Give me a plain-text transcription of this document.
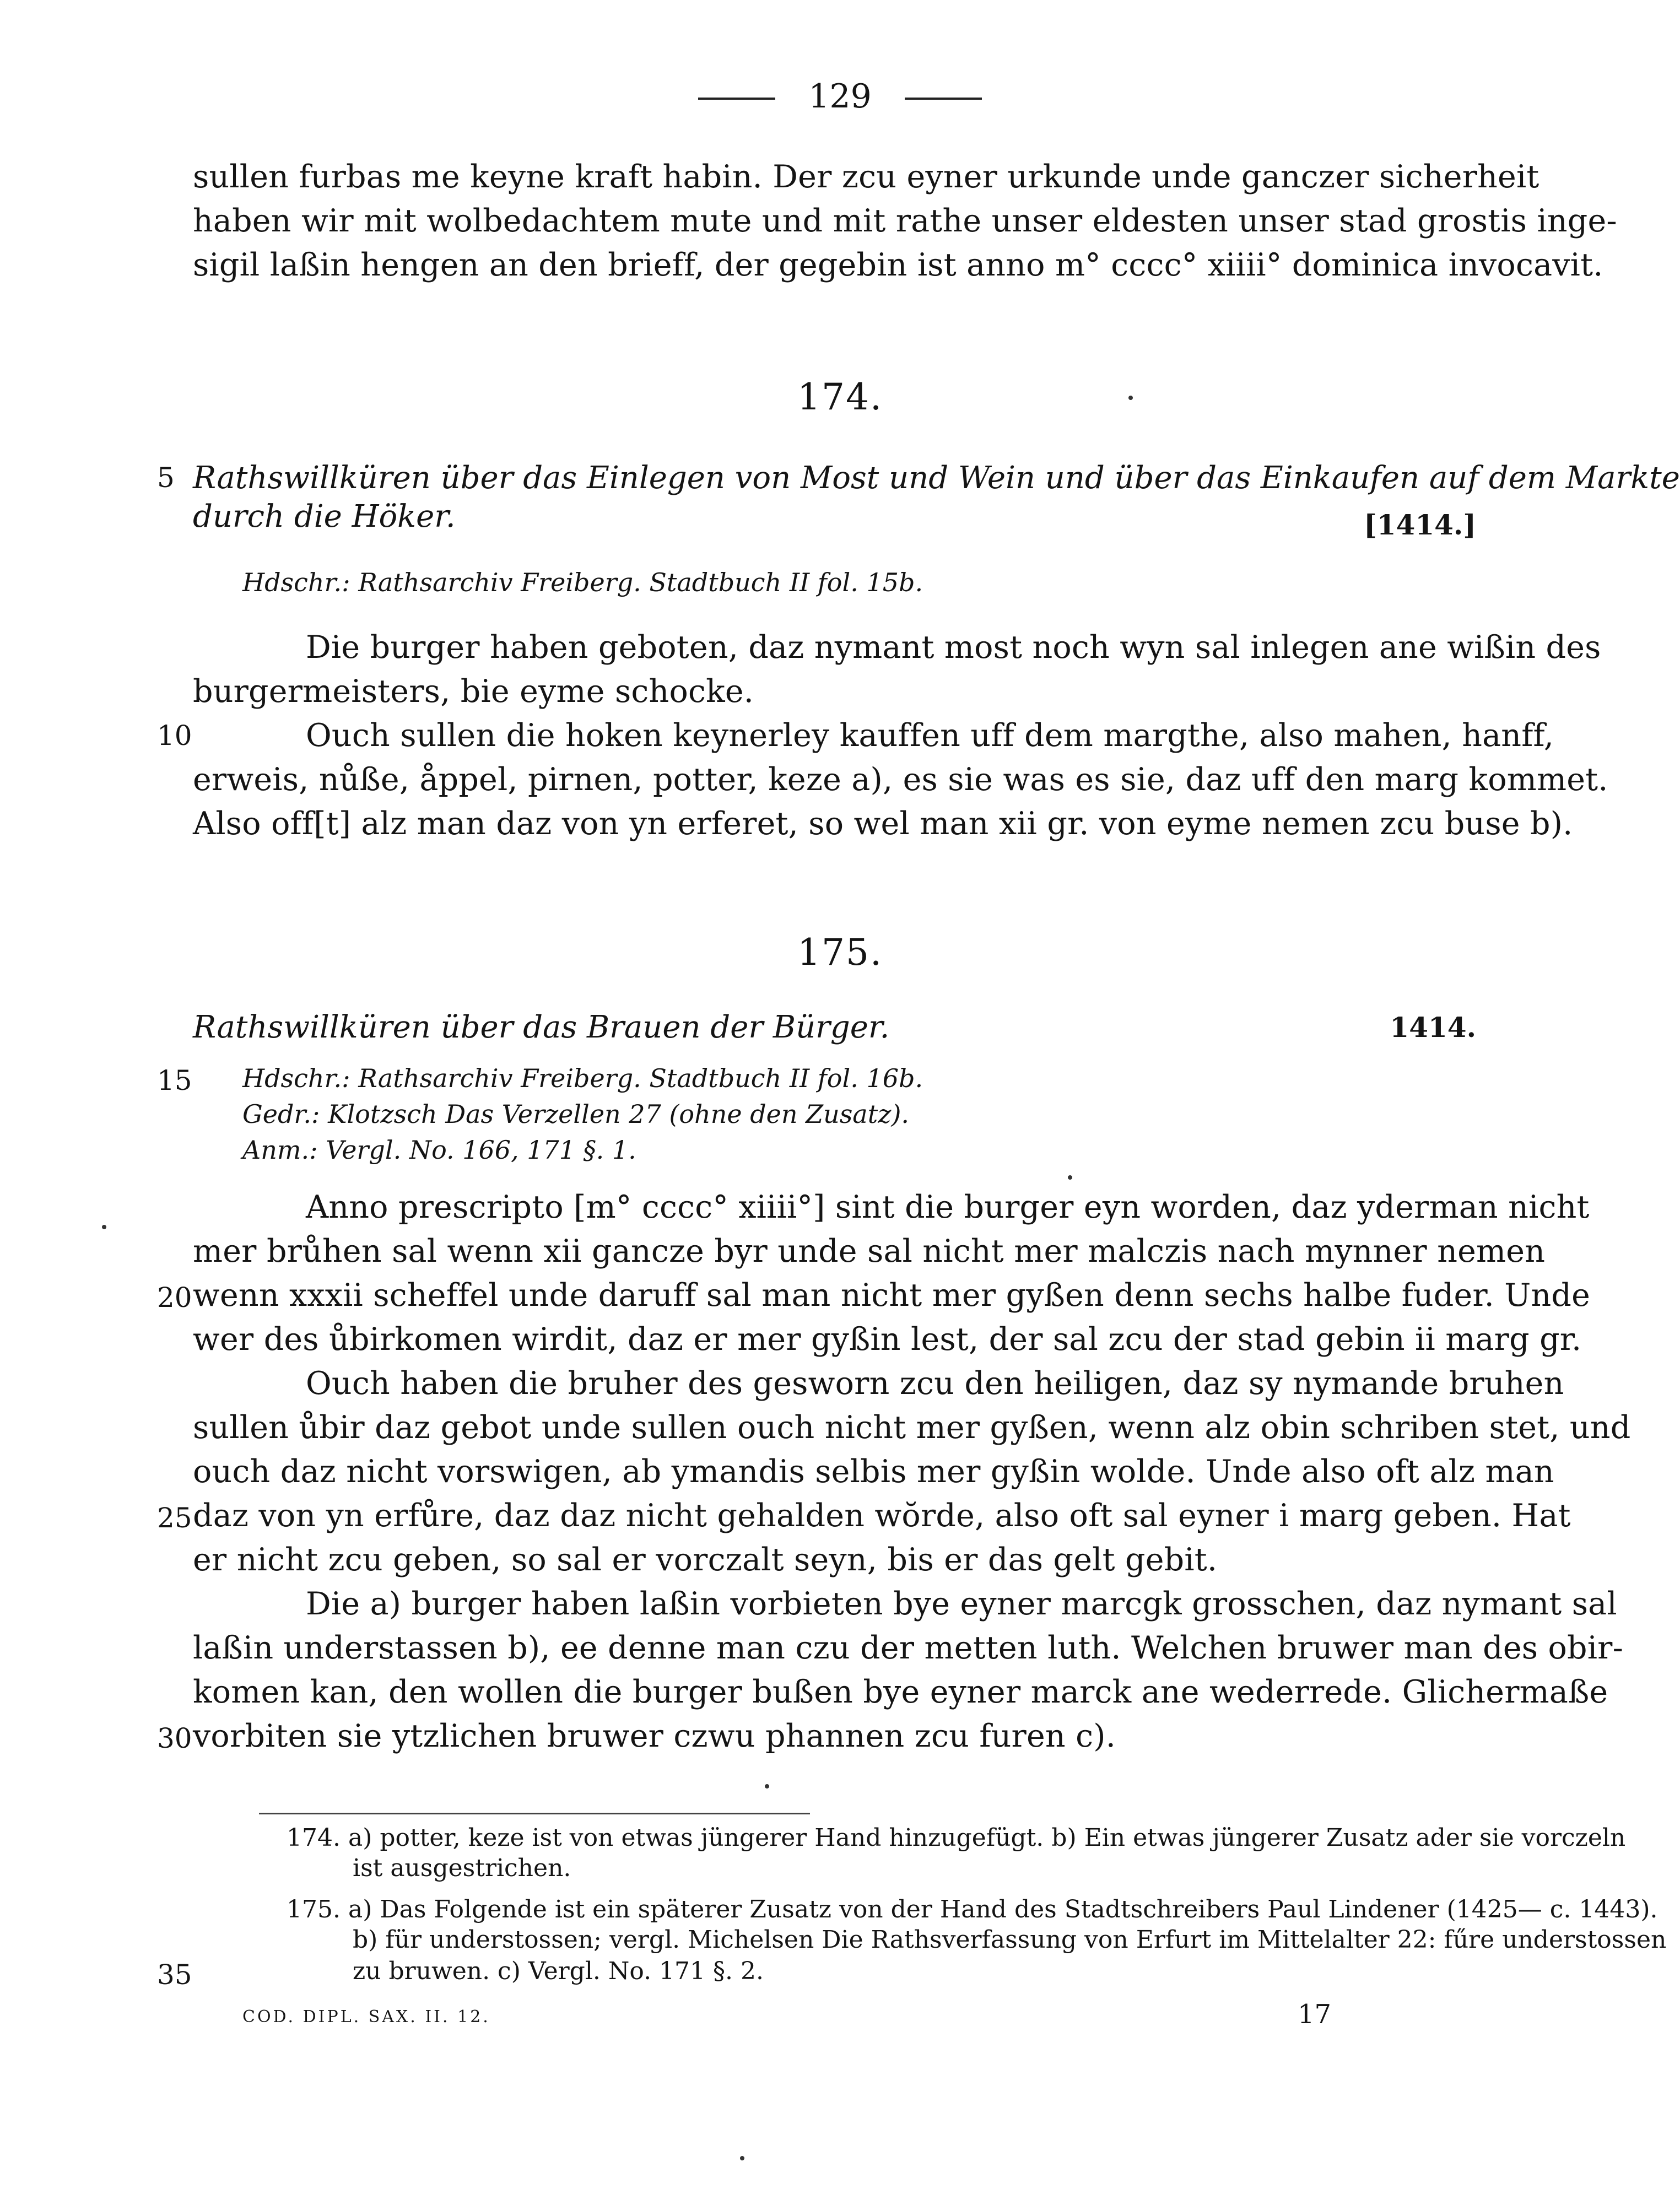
129
sullen furbas me keyne kraft habin. Der zcu eyner urkunde unde ganczer sicherheit
haben wir mit wolbedachtem mute und mit rathe unser eldesten unser stad grostis inge-
sigil laßin hengen an den brieff, der gegebin ist anno m° cccc° xiiii° dominica invocavit.
174.
5 Rathswillküren über das Einlegen von Most und Wein und über das Einkaufen auf dem Markte
durch die Höker.	[1414.]
Hdschr.: Rathsarchiv Freiberg. Stadtbuch II fol. 15b.
Die burger haben geboten, daz nymant most noch wyn sal inlegen ane wißin des
burgermeisters, bie eyme schocke.
10	Ouch sullen die hoken keynerley kauffen uff dem margthe, also mahen, hanff,
erweis, nůße, åppel, pirnen, potter, keze a), es sie was es sie, daz uff den marg kommet.
Also off[t] alz man daz von yn erferet, so wel man xii gr. von eyme nemen zcu buse b).
175.
Rathswillküren über das Brauen der Bürger.	1414.
15 Hdschr.: Rathsarchiv Freiberg. Stadtbuch II fol. 16b.
Gedr.: Klotzsch Das Verzellen 27 (ohne den Zusatz).
Anm.: Vergl. No. 166, 171 §. 1.
Anno prescripto [m° cccc° xiiii°] sint die burger eyn worden, daz yderman nicht
mer brůhen sal wenn xii gancze byr unde sal nicht mer malczis nach mynner nemen
20 wenn xxxii scheffel unde daruff sal man nicht mer gyßen denn sechs halbe fuder. Unde
wer des ůbirkomen wirdit, daz er mer gyßin lest, der sal zcu der stad gebin ii marg gr.
Ouch haben die bruher des gesworn zcu den heiligen, daz sy nymande bruhen
sullen ůbir daz gebot unde sullen ouch nicht mer gyßen, wenn alz obin schriben stet, und
ouch daz nicht vorswigen, ab ymandis selbis mer gyßin wolde. Unde also oft alz man
25 daz von yn erfůre, daz daz nicht gehalden wŏrde, also oft sal eyner i marg geben. Hat
er nicht zcu geben, so sal er vorczalt seyn, bis er das gelt gebit.
Die a) burger haben laßin vorbieten bye eyner marcgk grosschen, daz nymant sal
laßin understassen b), ee denne man czu der metten luth. Welchen bruwer man des obir-
komen kan, den wollen die burger bußen bye eyner marck ane wederrede. Glichermaße
30 vorbiten sie ytzlichen bruwer czwu phannen zcu furen c).
174. a) potter, keze ist von etwas jüngerer Hand hinzugefügt. b) Ein etwas jüngerer Zusatz ader sie vorczeln
ist ausgestrichen.
175. a) Das Folgende ist ein späterer Zusatz von der Hand des Stadtschreibers Paul Lindener (1425— c. 1443).
b) für understossen; vergl. Michelsen Die Rathsverfassung von Erfurt im Mittelalter 22: fűre understossen
35	zu bruwen. c) Vergl. No. 171 §. 2.
COD. DIPL. SAX. II. 12.	17
